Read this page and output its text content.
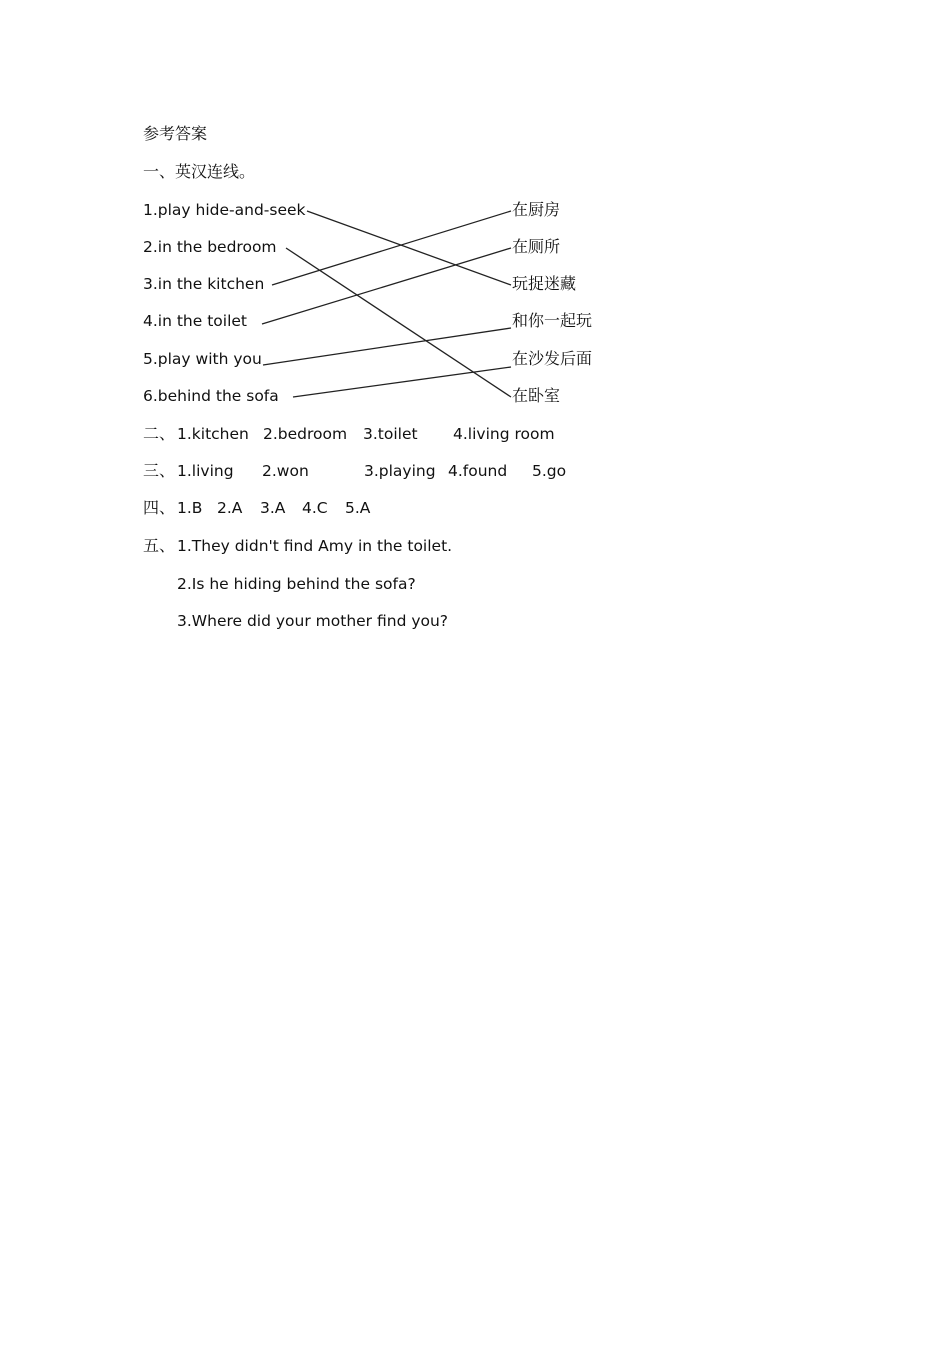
参考答案
一、英汉连线。
1.play hide-and-seek
2.in the bedroom
3.in the kitchen
4.in the toilet
5.play with you
6.behind the sofa
在厨房
在厕所
玩捉迷藏
和你一起玩
在沙发后面
在卧室
二、 1.kitchen 2.bedroom 3.toilet 4.living room
三、 1.living 2.won	3.playing 4.found 5.go
四、 1.B 2.A 3.A 4.C 5.A
五、 1.They didn't find Amy in the toilet.
2.Is he hiding behind the sofa?
3.Where did your mother find you?
